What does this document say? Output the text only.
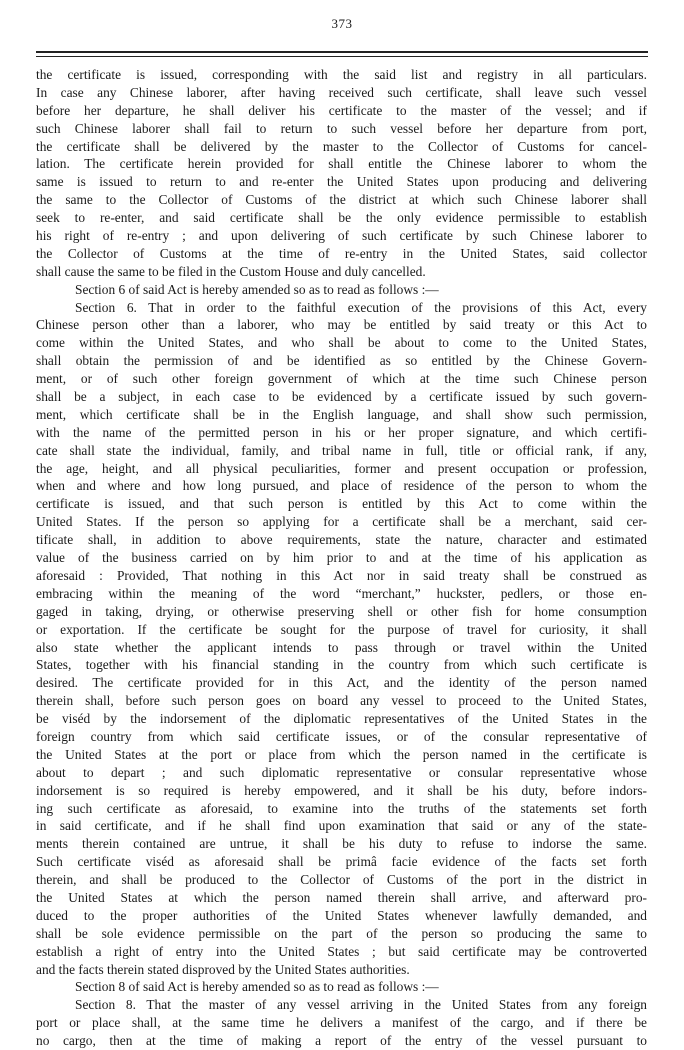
373
the certificate is issued, corresponding with the said list and registry in all particulars.
In case any Chinese laborer, after having received such certificate, shall leave such vessel
before her departure, he shall deliver his certificate to the master of the vessel; and if
such Chinese laborer shall fail to return to such vessel before her departure from port,
the certificate shall be delivered by the master to the Collector of Customs for cancel-
lation. The certificate herein provided for shall entitle the Chinese laborer to whom the
same is issued to return to and re-enter the United States upon producing and delivering
the same to the Collector of Customs of the district at which such Chinese laborer shall
seek to re-enter, and said certificate shall be the only evidence permissible to establish
his right of re-entry ; and upon delivering of such certificate by such Chinese laborer to
the Collector of Customs at the time of re-entry in the United States, said collector
shall cause the same to be filed in the Custom House and duly cancelled.
Section 6 of said Act is hereby amended so as to read as follows :—
Section 6. That in order to the faithful execution of the provisions of this Act, every
Chinese person other than a laborer, who may be entitled by said treaty or this Act to
come within the United States, and who shall be about to come to the United States,
shall obtain the permission of and be identified as so entitled by the Chinese Govern-
ment, or of such other foreign government of which at the time such Chinese person
shall be a subject, in each case to be evidenced by a certificate issued by such govern-
ment, which certificate shall be in the English language, and shall show such permission,
with the name of the permitted person in his or her proper signature, and which certifi-
cate shall state the individual, family, and tribal name in full, title or official rank, if any,
the age, height, and all physical peculiarities, former and present occupation or profession,
when and where and how long pursued, and place of residence of the person to whom the
certificate is issued, and that such person is entitled by this Act to come within the
United States. If the person so applying for a certificate shall be a merchant, said cer-
tificate shall, in addition to above requirements, state the nature, character and estimated
value of the business carried on by him prior to and at the time of his application as
aforesaid : Provided, That nothing in this Act nor in said treaty shall be construed as
embracing within the meaning of the word “merchant,” huckster, pedlers, or those en-
gaged in taking, drying, or otherwise preserving shell or other fish for home consumption
or exportation. If the certificate be sought for the purpose of travel for curiosity, it shall
also state whether the applicant intends to pass through or travel within the United
States, together with his financial standing in the country from which such certificate is
desired. The certificate provided for in this Act, and the identity of the person named
therein shall, before such person goes on board any vessel to proceed to the United States,
be viséd by the indorsement of the diplomatic representatives of the United States in the
foreign country from which said certificate issues, or of the consular representative of
the United States at the port or place from which the person named in the certificate is
about to depart ; and such diplomatic representative or consular representative whose
indorsement is so required is hereby empowered, and it shall be his duty, before indors-
ing such certificate as aforesaid, to examine into the truths of the statements set forth
in said certificate, and if he shall find upon examination that said or any of the state-
ments therein contained are untrue, it shall be his duty to refuse to indorse the same.
Such certificate viséd as aforesaid shall be primâ facie evidence of the facts set forth
therein, and shall be produced to the Collector of Customs of the port in the district in
the United States at which the person named therein shall arrive, and afterward pro-
duced to the proper authorities of the United States whenever lawfully demanded, and
shall be sole evidence permissible on the part of the person so producing the same to
establish a right of entry into the United States ; but said certificate may be controverted
and the facts therein stated disproved by the United States authorities.
Section 8 of said Act is hereby amended so as to read as follows :—
Section 8. That the master of any vessel arriving in the United States from any foreign
port or place shall, at the same time he delivers a manifest of the cargo, and if there be
no cargo, then at the time of making a report of the entry of the vessel pursuant to
